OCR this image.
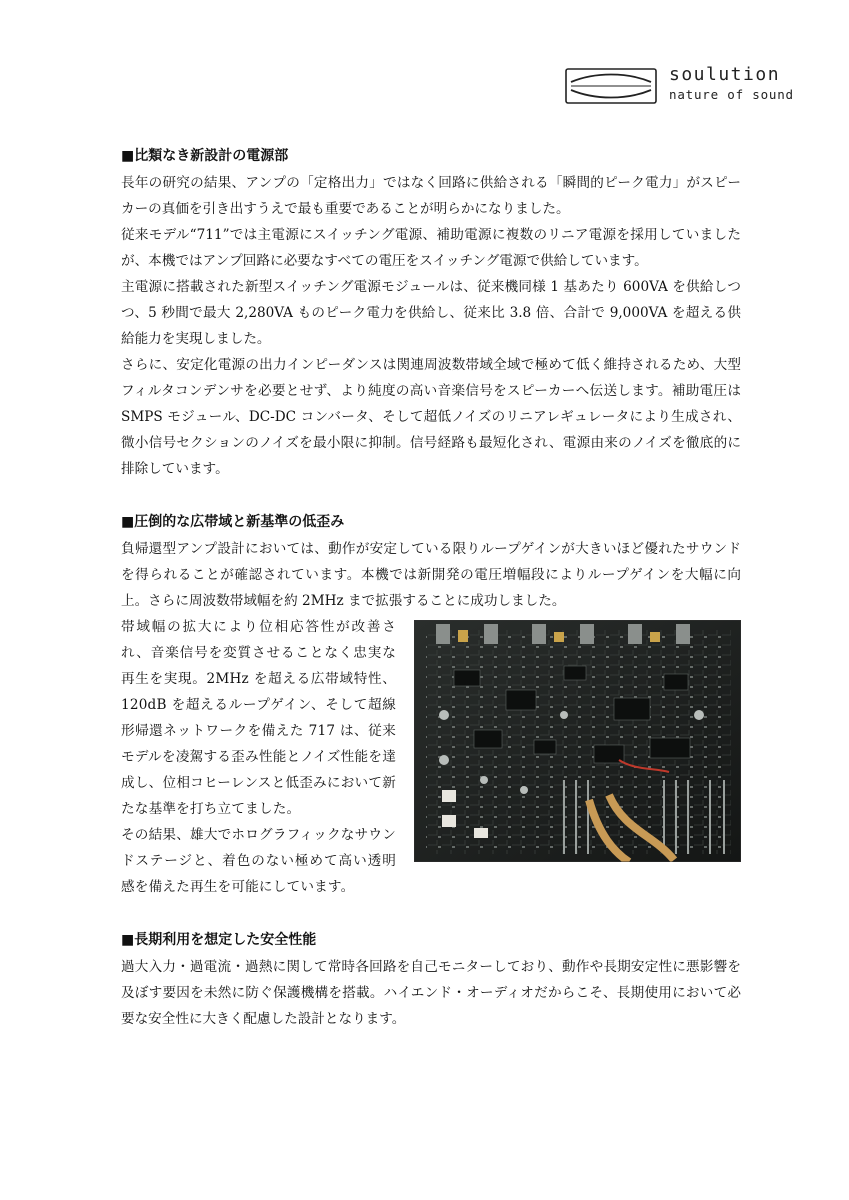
soulution
nature of sound
■比類なき新設計の電源部

長年の研究の結果、アンプの「定格出力」ではなく回路に供給される「瞬間的ピーク電力」がスピーカーの真価を引き出すうえで最も重要であることが明らかになりました。

従来モデル“711”では主電源にスイッチング電源、補助電源に複数のリニア電源を採用していましたが、本機ではアンプ回路に必要なすべての電圧をスイッチング電源で供給しています。

主電源に搭載された新型スイッチング電源モジュールは、従来機同様 1 基あたり 600VA を供給しつつ、5 秒間で最大 2,280VA ものピーク電力を供給し、従来比 3.8 倍、合計で 9,000VA を超える供給能力を実現しました。

さらに、安定化電源の出力インピーダンスは関連周波数帯域全域で極めて低く維持されるため、大型フィルタコンデンサを必要とせず、より純度の高い音楽信号をスピーカーへ伝送します。補助電圧は SMPS モジュール、DC-DC コンバータ、そして超低ノイズのリニアレギュレータにより生成され、微小信号セクションのノイズを最小限に抑制。信号経路も最短化され、電源由来のノイズを徹底的に排除しています。

■圧倒的な広帯域と新基準の低歪み

負帰還型アンプ設計においては、動作が安定している限りループゲインが大きいほど優れたサウンドを得られることが確認されています。本機では新開発の電圧増幅段によりループゲインを大幅に向上。さらに周波数帯域幅を約 2MHz まで拡張することに成功しました。

帯域幅の拡大により位相応答性が改善され、音楽信号を変質させることなく忠実な再生を実現。2MHz を超える広帯域特性、120dB を超えるループゲイン、そして超線形帰還ネットワークを備えた 717 は、従来モデルを凌駕する歪み性能とノイズ性能を達成し、位相コヒーレンスと低歪みにおいて新たな基準を打ち立てました。

その結果、雄大でホログラフィックなサウンドステージと、着色のない極めて高い透明感を備えた再生を可能にしています。

■長期利用を想定した安全性能

過大入力・過電流・過熱に関して常時各回路を自己モニターしており、動作や長期安定性に悪影響を及ぼす要因を未然に防ぐ保護機構を搭載。ハイエンド・オーディオだからこそ、長期使用において必要な安全性に大きく配慮した設計となります。
